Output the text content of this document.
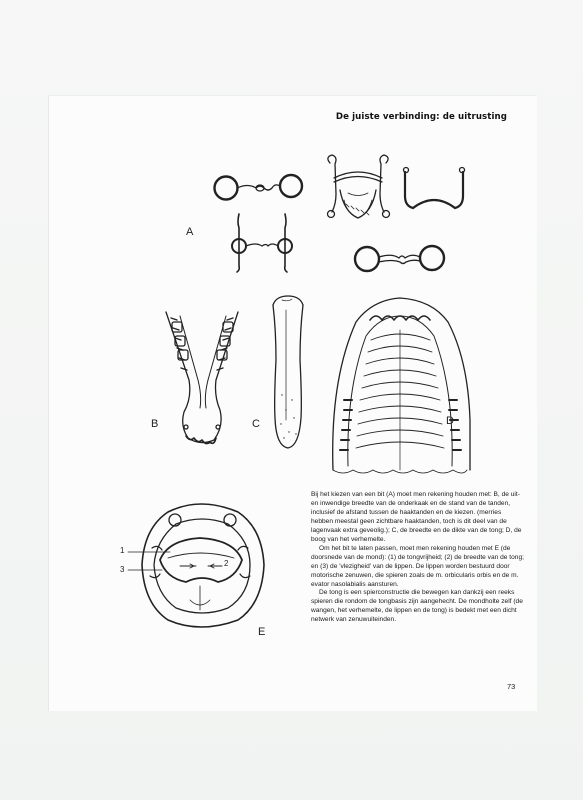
De juiste verbinding: de uitrusting
A
B	C	D
E
1
2
3

Bij het kiezen van een bit (A) moet men rekening houden met: B, de uit- en inwendige breedte van de onderkaak en de stand van de tanden, inclusief de afstand tussen de haaktanden en de kiezen. (merries hebben meestal geen zichtbare haaktanden, toch is dit deel van de lagenvaak extra geveolig.); C, de breedte en de dikte van de tong; D, de boog van het verhemelte.

Om het bit te laten passen, moet men rekening houden met E (de doorsnede van de mond): (1) de tongvrijheid; (2) de breedte van de tong; en (3) de 'vlezigheid' van de lippen. De lippen worden bestuurd door motorische zenuwen, die spieren zoals de m. orbicularis orbis en de m. evator nasolabialis aansturen.

De tong is een spierconstructie die bewegen kan dankzij een reeks spieren die rondom de tongbasis zijn aangehecht. De mondholte zelf (de wangen, het verhemelte, de lippen en de tong) is bedekt met een dicht netwerk van zenuwuiteinden.

73
